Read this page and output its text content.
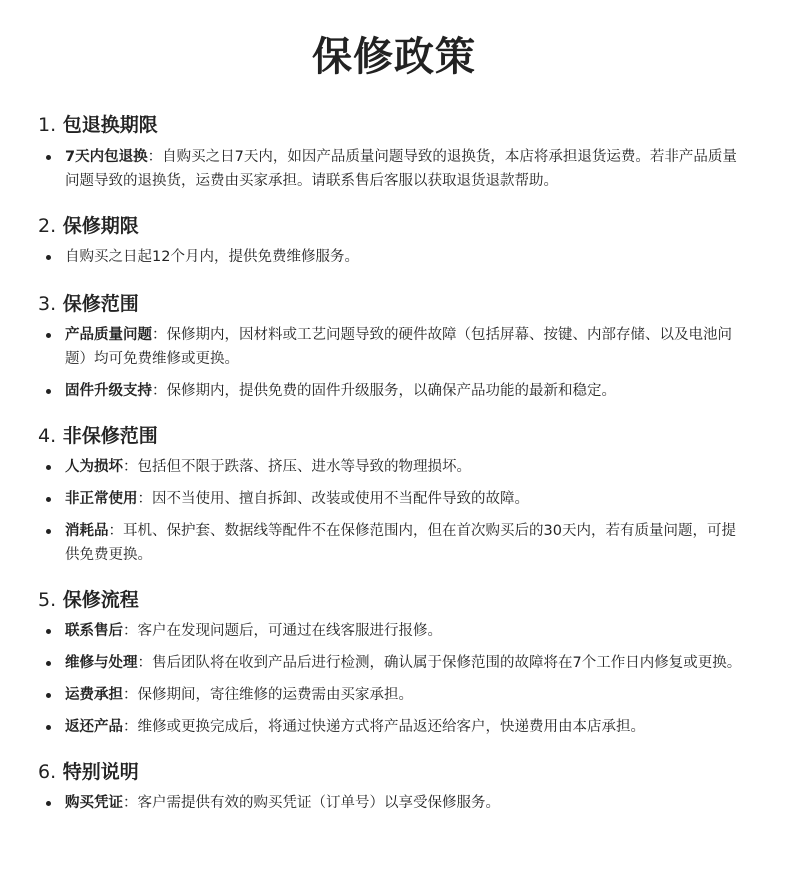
保修政策
1. 包退换期限
7天内包退换：自购买之日7天内，如因产品质量问题导致的退换货，本店将承担退货运费。若非产品质量问题导致的退换货，运费由买家承担。请联系售后客服以获取退货退款帮助。
2. 保修期限
自购买之日起12个月内，提供免费维修服务。
3. 保修范围
产品质量问题：保修期内，因材料或工艺问题导致的硬件故障（包括屏幕、按键、内部存储、以及电池问题）均可免费维修或更换。
固件升级支持：保修期内，提供免费的固件升级服务，以确保产品功能的最新和稳定。
4. 非保修范围
人为损坏：包括但不限于跌落、挤压、进水等导致的物理损坏。
非正常使用：因不当使用、擅自拆卸、改装或使用不当配件导致的故障。
消耗品：耳机、保护套、数据线等配件不在保修范围内，但在首次购买后的30天内，若有质量问题，可提供免费更换。
5. 保修流程
联系售后：客户在发现问题后，可通过在线客服进行报修。
维修与处理：售后团队将在收到产品后进行检测，确认属于保修范围的故障将在7个工作日内修复或更换。
运费承担：保修期间，寄往维修的运费需由买家承担。
返还产品：维修或更换完成后，将通过快递方式将产品返还给客户，快递费用由本店承担。
6. 特别说明
购买凭证：客户需提供有效的购买凭证（订单号）以享受保修服务。
